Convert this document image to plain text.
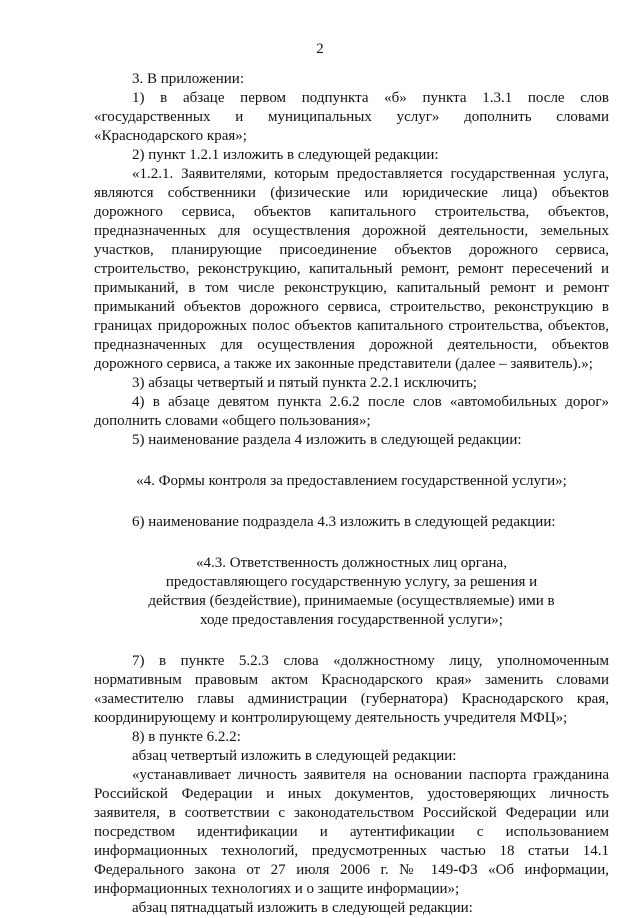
2

3. В приложении:

1) в абзаце первом подпункта «б» пункта 1.3.1 после слов «государственных и муниципальных услуг» дополнить словами «Краснодарского края»;

2) пункт 1.2.1 изложить в следующей редакции:

«1.2.1. Заявителями, которым предоставляется государственная услуга, являются собственники (физические или юридические лица) объектов дорожного сервиса, объектов капитального строительства, объектов, предназначенных для осуществления дорожной деятельности, земельных участков, планирующие присоединение объектов дорожного сервиса, строительство, реконструкцию, капитальный ремонт, ремонт пересечений и примыканий, в том числе реконструкцию, капитальный ремонт и ремонт примыканий объектов дорожного сервиса, строительство, реконструкцию в границах придорожных полос объектов капитального строительства, объектов, предназначенных для осуществления дорожной деятельности, объектов дорожного сервиса, а также их законные представители (далее – заявитель).»;

3) абзацы четвертый и пятый пункта 2.2.1 исключить;

4) в абзаце девятом пункта 2.6.2 после слов «автомобильных дорог» дополнить словами «общего пользования»;

5) наименование раздела 4 изложить в следующей редакции:

«4. Формы контроля за предоставлением государственной услуги»;

6) наименование подраздела 4.3 изложить в следующей редакции:

«4.3. Ответственность должностных лиц органа,

предоставляющего государственную услугу, за решения и

действия (бездействие), принимаемые (осуществляемые) ими в

ходе предоставления государственной услуги»;

7) в пункте 5.2.3 слова «должностному лицу, уполномоченным нормативным правовым актом Краснодарского края» заменить словами «заместителю главы администрации (губернатора) Краснодарского края, координирующему и контролирующему деятельность учредителя МФЦ»;

8) в пункте 6.2.2:

абзац четвертый изложить в следующей редакции:

«устанавливает личность заявителя на основании паспорта гражданина Российской Федерации и иных документов, удостоверяющих личность заявителя, в соответствии с законодательством Российской Федерации или посредством идентификации и аутентификации с использованием информационных технологий, предусмотренных частью 18 статьи 14.1 Федерального закона от 27 июля 2006 г. № 149-ФЗ «Об информации, информационных технологиях и о защите информации»;

абзац пятнадцатый изложить в следующей редакции:
